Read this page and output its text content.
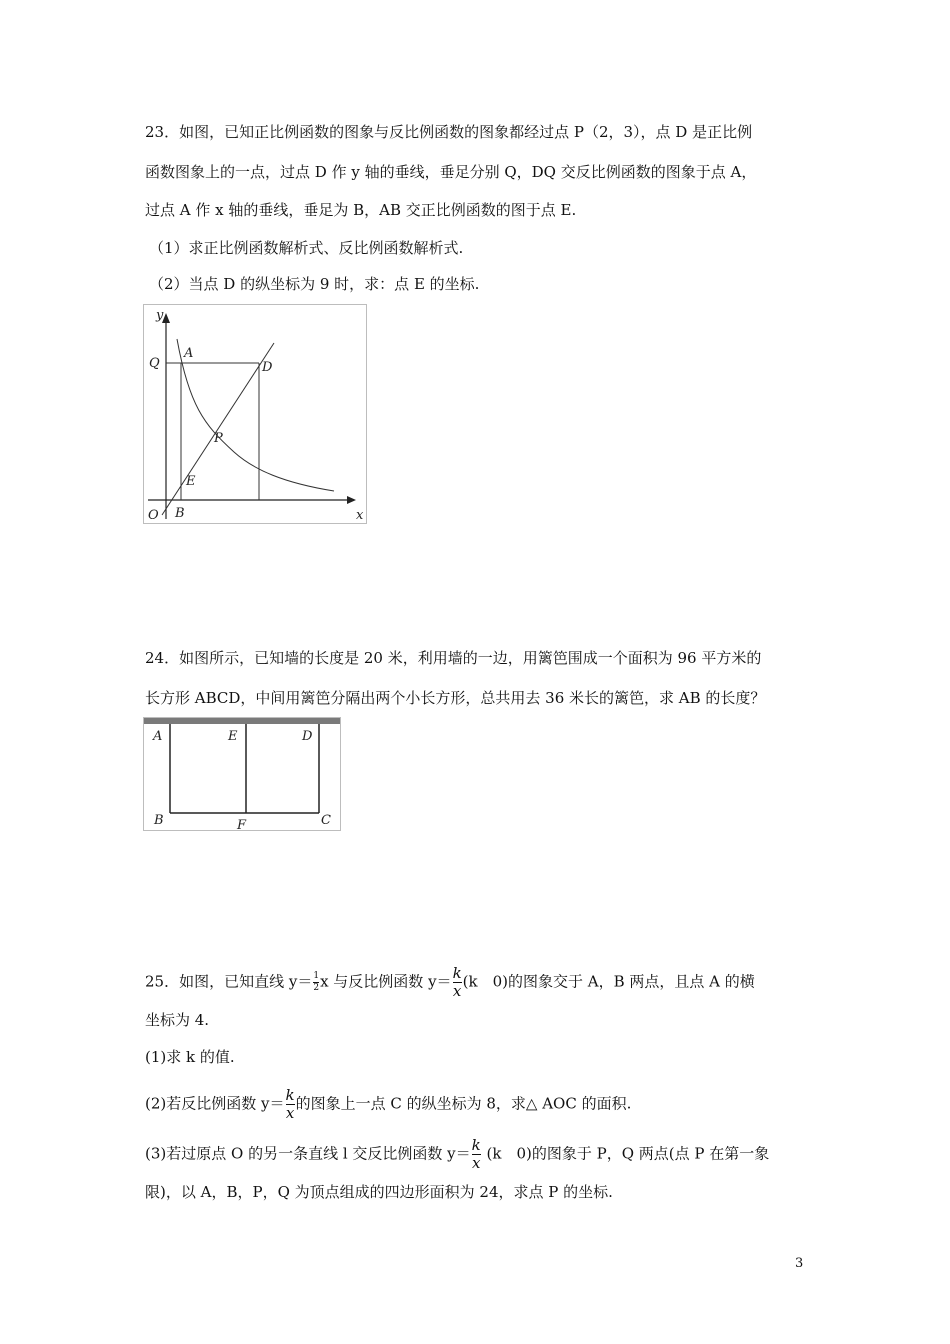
23．如图，已知正比例函数的图象与反比例函数的图象都经过点 P（2，3），点 D 是正比例
函数图象上的一点，过点 D 作 y 轴的垂线，垂足分别 Q，DQ 交反比例函数的图象于点 A，
过点 A 作 x 轴的垂线，垂足为 B，AB 交正比例函数的图于点 E.
（1）求正比例函数解析式、反比例函数解析式.
（2）当点 D 的纵坐标为 9 时，求：点 E 的坐标.
y
x
O
Q
A
D
P
E
B
24．如图所示，已知墙的长度是 20 米，利用墙的一边，用篱笆围成一个面积为 96 平方米的
长方形 ABCD，中间用篱笆分隔出两个小长方形，总共用去 36 米长的篱笆，求 AB 的长度？
A	E	D
B	F	C
25．如图，已知直线 $y= \frac{1}{2}$ x 与反比例函数 $y= \frac{k}{x} (k$　0)的图象交于 A，B 两点，且点 A 的横
坐标为 4.
(1)求 k 的值.
(2)若反比例函数 $y= \frac{k}{x}$ 的图象上一点 C 的纵坐标为 8，求△ AOC 的面积.
(3)若过原点 O 的另一条直线 l 交反比例函数 $y= \frac{k}{x} (k$　0)的图象于 P，Q 两点(点 P 在第一象
限)，以 A，B，P，Q 为顶点组成的四边形面积为 24，求点 P 的坐标.
3
